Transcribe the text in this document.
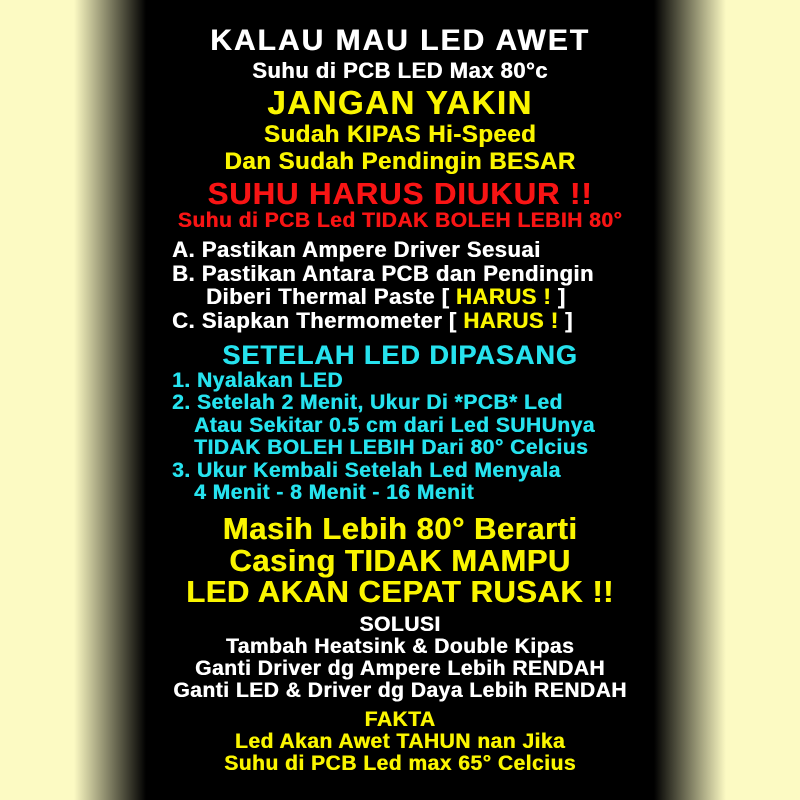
KALAU MAU LED AWET
Suhu di PCB LED Max 80°c
JANGAN YAKIN
Sudah KIPAS Hi-Speed
Dan Sudah Pendingin BESAR
SUHU HARUS DIUKUR !!
Suhu di PCB Led TIDAK BOLEH LEBIH 80°
A. Pastikan Ampere Driver Sesuai
B. Pastikan Antara PCB dan Pendingin
Diberi Thermal Paste [ HARUS ! ]
C. Siapkan Thermometer [ HARUS ! ]
SETELAH LED DIPASANG
1. Nyalakan LED
2. Setelah 2 Menit, Ukur Di *PCB* Led
Atau Sekitar 0.5 cm dari Led SUHUnya
TIDAK BOLEH LEBIH Dari 80° Celcius
3. Ukur Kembali Setelah Led Menyala
4 Menit - 8 Menit - 16 Menit
Masih Lebih 80° Berarti
Casing TIDAK MAMPU
LED AKAN CEPAT RUSAK !!
SOLUSI
Tambah Heatsink & Double Kipas
Ganti Driver dg Ampere Lebih RENDAH
Ganti LED & Driver dg Daya Lebih RENDAH
FAKTA
Led Akan Awet TAHUN nan Jika
Suhu di PCB Led max 65° Celcius
